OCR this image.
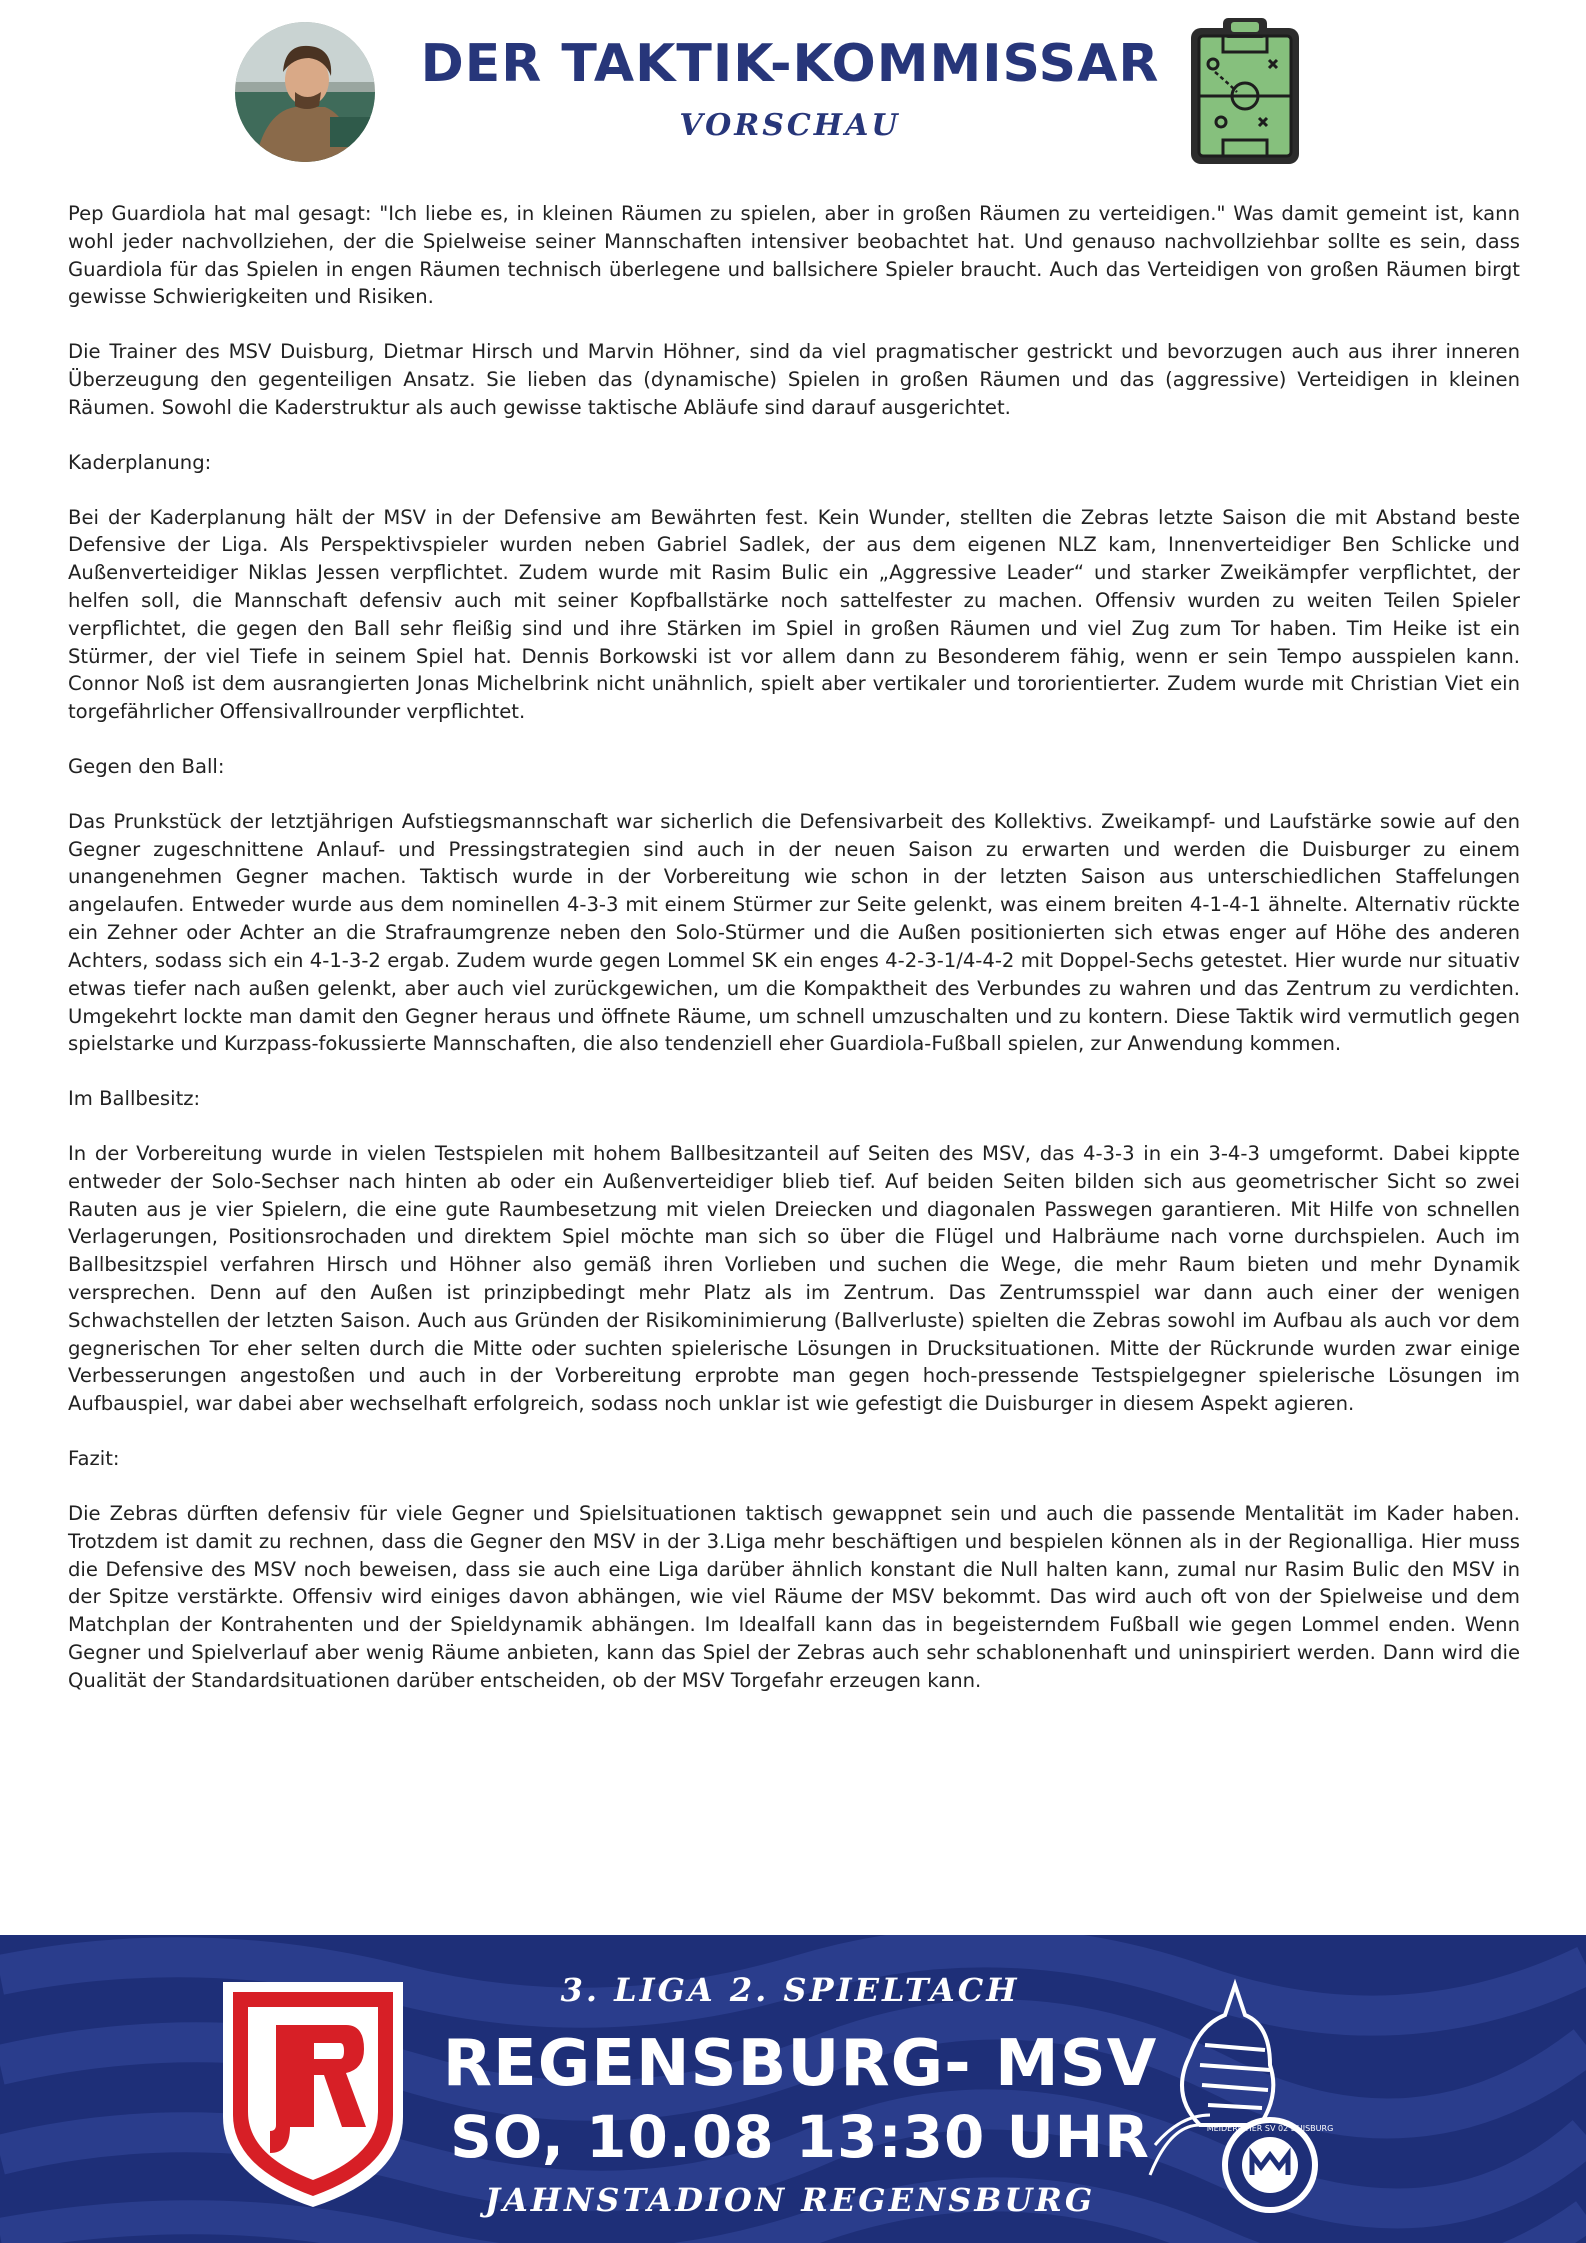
DER TAKTIK-KOMMISSAR
VORSCHAU

Pep Guardiola hat mal gesagt: "Ich liebe es, in kleinen Räumen zu spielen, aber in großen Räumen zu verteidigen." Was damit gemeint ist, kann wohl jeder nachvollziehen, der die Spielweise seiner Mannschaften intensiver beobachtet hat. Und genauso nachvollziehbar sollte es sein, dass Guardiola für das Spielen in engen Räumen technisch überlegene und ballsichere Spieler braucht. Auch das Verteidigen von großen Räumen birgt gewisse Schwierigkeiten und Risiken.

Die Trainer des MSV Duisburg, Dietmar Hirsch und Marvin Höhner, sind da viel pragmatischer gestrickt und bevorzugen auch aus ihrer inneren Überzeugung den gegenteiligen Ansatz. Sie lieben das (dynamische) Spielen in großen Räumen und das (aggressive) Verteidigen in kleinen Räumen. Sowohl die Kaderstruktur als auch gewisse taktische Abläufe sind darauf ausgerichtet.

Kaderplanung:

Bei der Kaderplanung hält der MSV in der Defensive am Bewährten fest. Kein Wunder, stellten die Zebras letzte Saison die mit Abstand beste Defensive der Liga. Als Perspektivspieler wurden neben Gabriel Sadlek, der aus dem eigenen NLZ kam, Innenverteidiger Ben Schlicke und Außenverteidiger Niklas Jessen verpflichtet. Zudem wurde mit Rasim Bulic ein „Aggressive Leader“ und starker Zweikämpfer verpflichtet, der helfen soll, die Mannschaft defensiv auch mit seiner Kopfballstärke noch sattelfester zu machen. Offensiv wurden zu weiten Teilen Spieler verpflichtet, die gegen den Ball sehr fleißig sind und ihre Stärken im Spiel in großen Räumen und viel Zug zum Tor haben. Tim Heike ist ein Stürmer, der viel Tiefe in seinem Spiel hat. Dennis Borkowski ist vor allem dann zu Besonderem fähig, wenn er sein Tempo ausspielen kann. Connor Noß ist dem ausrangierten Jonas Michelbrink nicht unähnlich, spielt aber vertikaler und tororientierter. Zudem wurde mit Christian Viet ein torgefährlicher Offensivallrounder verpflichtet.

Gegen den Ball:

Das Prunkstück der letztjährigen Aufstiegsmannschaft war sicherlich die Defensivarbeit des Kollektivs. Zweikampf- und Laufstärke sowie auf den Gegner zugeschnittene Anlauf- und Pressingstrategien sind auch in der neuen Saison zu erwarten und werden die Duisburger zu einem unangenehmen Gegner machen. Taktisch wurde in der Vorbereitung wie schon in der letzten Saison aus unterschiedlichen Staffelungen angelaufen. Entweder wurde aus dem nominellen 4-3-3 mit einem Stürmer zur Seite gelenkt, was einem breiten 4-1-4-1 ähnelte. Alternativ rückte ein Zehner oder Achter an die Strafraumgrenze neben den Solo-Stürmer und die Außen positionierten sich etwas enger auf Höhe des anderen Achters, sodass sich ein 4-1-3-2 ergab. Zudem wurde gegen Lommel SK ein enges 4-2-3-1/4-4-2 mit Doppel-Sechs getestet. Hier wurde nur situativ etwas tiefer nach außen gelenkt, aber auch viel zurückgewichen, um die Kompaktheit des Verbundes zu wahren und das Zentrum zu verdichten. Umgekehrt lockte man damit den Gegner heraus und öffnete Räume, um schnell umzuschalten und zu kontern. Diese Taktik wird vermutlich gegen spielstarke und Kurzpass-fokussierte Mannschaften, die also tendenziell eher Guardiola-Fußball spielen, zur Anwendung kommen.

Im Ballbesitz:

In der Vorbereitung wurde in vielen Testspielen mit hohem Ballbesitzanteil auf Seiten des MSV, das 4-3-3 in ein 3-4-3 umgeformt. Dabei kippte entweder der Solo-Sechser nach hinten ab oder ein Außenverteidiger blieb tief. Auf beiden Seiten bilden sich aus geometrischer Sicht so zwei Rauten aus je vier Spielern, die eine gute Raumbesetzung mit vielen Dreiecken und diagonalen Passwegen garantieren. Mit Hilfe von schnellen Verlagerungen, Positionsrochaden und direktem Spiel möchte man sich so über die Flügel und Halbräume nach vorne durchspielen. Auch im Ballbesitzspiel verfahren Hirsch und Höhner also gemäß ihren Vorlieben und suchen die Wege, die mehr Raum bieten und mehr Dynamik versprechen. Denn auf den Außen ist prinzipbedingt mehr Platz als im Zentrum. Das Zentrumsspiel war dann auch einer der wenigen Schwachstellen der letzten Saison. Auch aus Gründen der Risikominimierung (Ballverluste) spielten die Zebras sowohl im Aufbau als auch vor dem gegnerischen Tor eher selten durch die Mitte oder suchten spielerische Lösungen in Drucksituationen. Mitte der Rückrunde wurden zwar einige Verbesserungen angestoßen und auch in der Vorbereitung erprobte man gegen hoch-pressende Testspielgegner spielerische Lösungen im Aufbauspiel, war dabei aber wechselhaft erfolgreich, sodass noch unklar ist wie gefestigt die Duisburger in diesem Aspekt agieren.

Fazit:

Die Zebras dürften defensiv für viele Gegner und Spielsituationen taktisch gewappnet sein und auch die passende Mentalität im Kader haben. Trotzdem ist damit zu rechnen, dass die Gegner den MSV in der 3.Liga mehr beschäftigen und bespielen können als in der Regionalliga. Hier muss die Defensive des MSV noch beweisen, dass sie auch eine Liga darüber ähnlich konstant die Null halten kann, zumal nur Rasim Bulic den MSV in der Spitze verstärkte. Offensiv wird einiges davon abhängen, wie viel Räume der MSV bekommt. Das wird auch oft von der Spielweise und dem Matchplan der Kontrahenten und der Spieldynamik abhängen. Im Idealfall kann das in begeisterndem Fußball wie gegen Lommel enden. Wenn Gegner und Spielverlauf aber wenig Räume anbieten, kann das Spiel der Zebras auch sehr schablonenhaft und uninspiriert werden. Dann wird die Qualität der Standardsituationen darüber entscheiden, ob der MSV Torgefahr erzeugen kann.

3. LIGA 2. SPIELTACH
REGENSBURG- MSV
SO, 10.08 13:30 UHR
JAHNSTADION REGENSBURG
MEIDERICHER SV 02 DUISBURG
